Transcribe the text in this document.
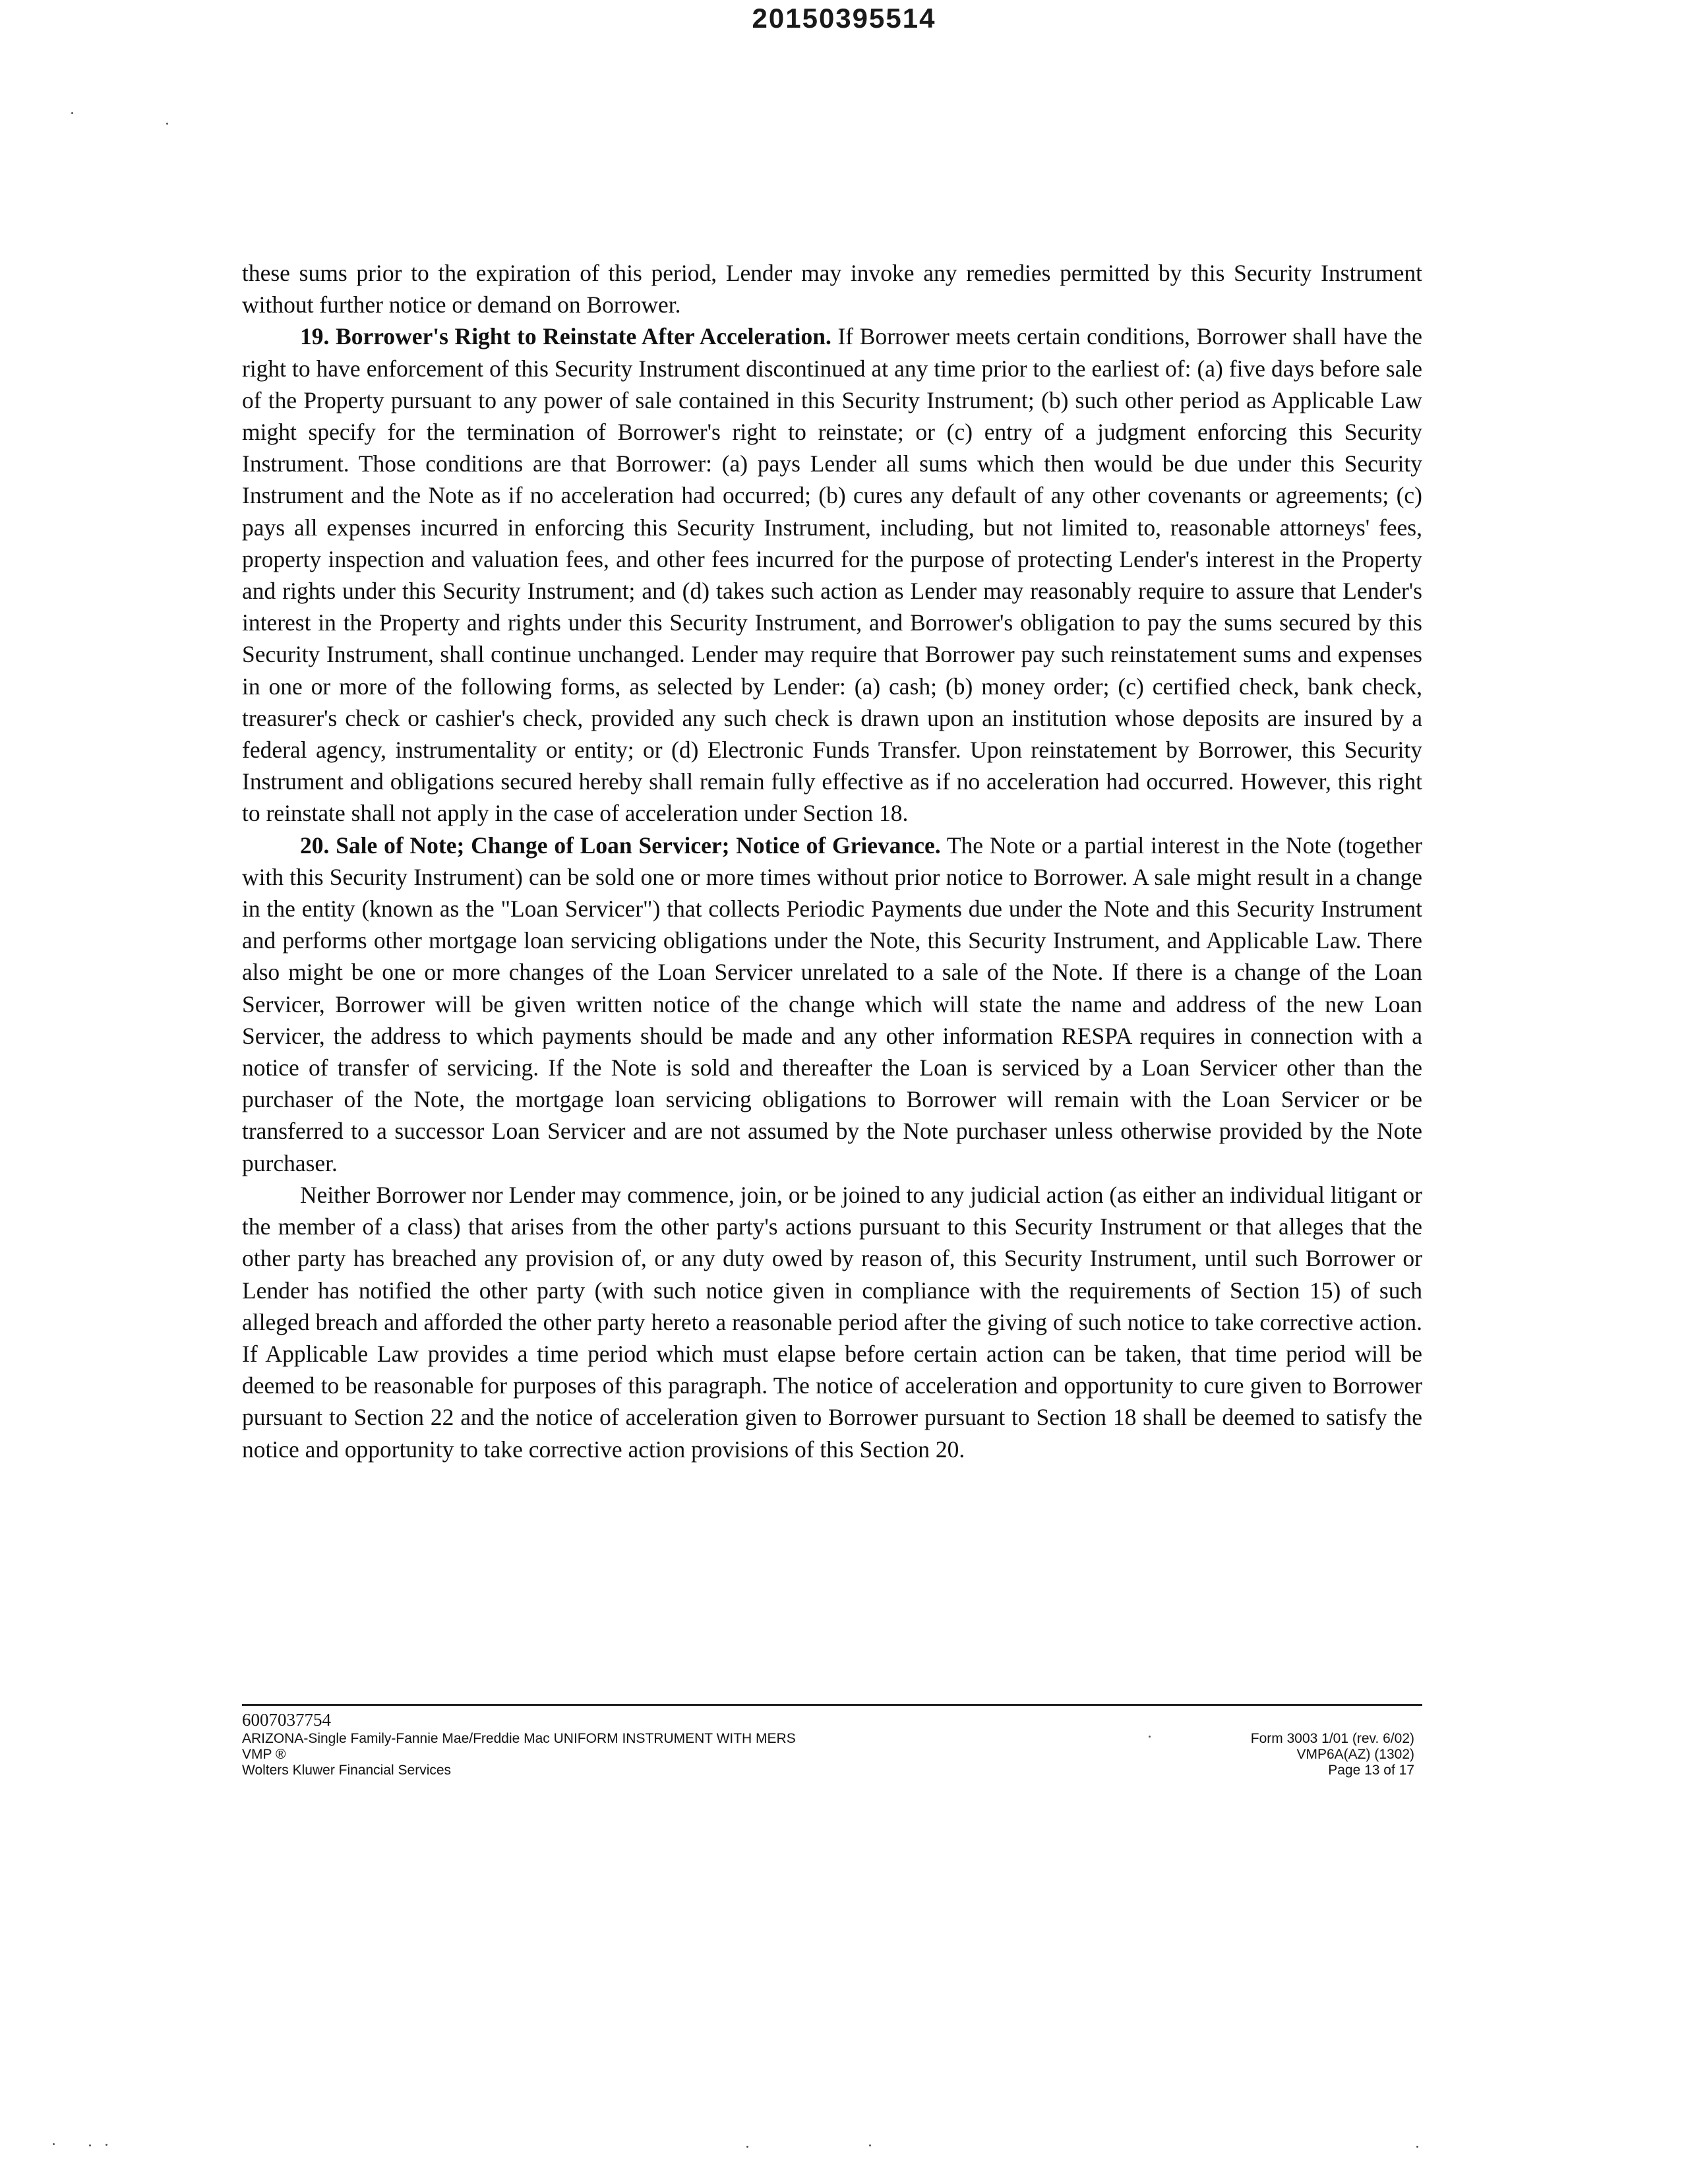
20150395514

these sums prior to the expiration of this period, Lender may invoke any remedies permitted by this Security Instrument without further notice or demand on Borrower.

19. Borrower's Right to Reinstate After Acceleration. If Borrower meets certain conditions, Borrower shall have the right to have enforcement of this Security Instrument discontinued at any time prior to the earliest of: (a) five days before sale of the Property pursuant to any power of sale contained in this Security Instrument; (b) such other period as Applicable Law might specify for the termination of Borrower's right to reinstate; or (c) entry of a judgment enforcing this Security Instrument. Those conditions are that Borrower: (a) pays Lender all sums which then would be due under this Security Instrument and the Note as if no acceleration had occurred; (b) cures any default of any other covenants or agreements; (c) pays all expenses incurred in enforcing this Security Instrument, including, but not limited to, reasonable attorneys' fees, property inspection and valuation fees, and other fees incurred for the purpose of protecting Lender's interest in the Property and rights under this Security Instrument; and (d) takes such action as Lender may reasonably require to assure that Lender's interest in the Property and rights under this Security Instrument, and Borrower's obligation to pay the sums secured by this Security Instrument, shall continue unchanged. Lender may require that Borrower pay such reinstatement sums and expenses in one or more of the following forms, as selected by Lender: (a) cash; (b) money order; (c) certified check, bank check, treasurer's check or cashier's check, provided any such check is drawn upon an institution whose deposits are insured by a federal agency, instrumentality or entity; or (d) Electronic Funds Transfer. Upon reinstatement by Borrower, this Security Instrument and obligations secured hereby shall remain fully effective as if no acceleration had occurred. However, this right to reinstate shall not apply in the case of acceleration under Section 18.

20. Sale of Note; Change of Loan Servicer; Notice of Grievance. The Note or a partial interest in the Note (together with this Security Instrument) can be sold one or more times without prior notice to Borrower. A sale might result in a change in the entity (known as the "Loan Servicer") that collects Periodic Payments due under the Note and this Security Instrument and performs other mortgage loan servicing obligations under the Note, this Security Instrument, and Applicable Law. There also might be one or more changes of the Loan Servicer unrelated to a sale of the Note. If there is a change of the Loan Servicer, Borrower will be given written notice of the change which will state the name and address of the new Loan Servicer, the address to which payments should be made and any other information RESPA requires in connection with a notice of transfer of servicing. If the Note is sold and thereafter the Loan is serviced by a Loan Servicer other than the purchaser of the Note, the mortgage loan servicing obligations to Borrower will remain with the Loan Servicer or be transferred to a successor Loan Servicer and are not assumed by the Note purchaser unless otherwise provided by the Note purchaser.

Neither Borrower nor Lender may commence, join, or be joined to any judicial action (as either an individual litigant or the member of a class) that arises from the other party's actions pursuant to this Security Instrument or that alleges that the other party has breached any provision of, or any duty owed by reason of, this Security Instrument, until such Borrower or Lender has notified the other party (with such notice given in compliance with the requirements of Section 15) of such alleged breach and afforded the other party hereto a reasonable period after the giving of such notice to take corrective action. If Applicable Law provides a time period which must elapse before certain action can be taken, that time period will be deemed to be reasonable for purposes of this paragraph. The notice of acceleration and opportunity to cure given to Borrower pursuant to Section 22 and the notice of acceleration given to Borrower pursuant to Section 18 shall be deemed to satisfy the notice and opportunity to take corrective action provisions of this Section 20.

6007037754
ARIZONA-Single Family-Fannie Mae/Freddie Mac UNIFORM INSTRUMENT WITH MERS
VMP ®
Wolters Kluwer Financial Services
Form 3003 1/01 (rev. 6/02)
VMP6A(AZ) (1302)
Page 13 of 17
